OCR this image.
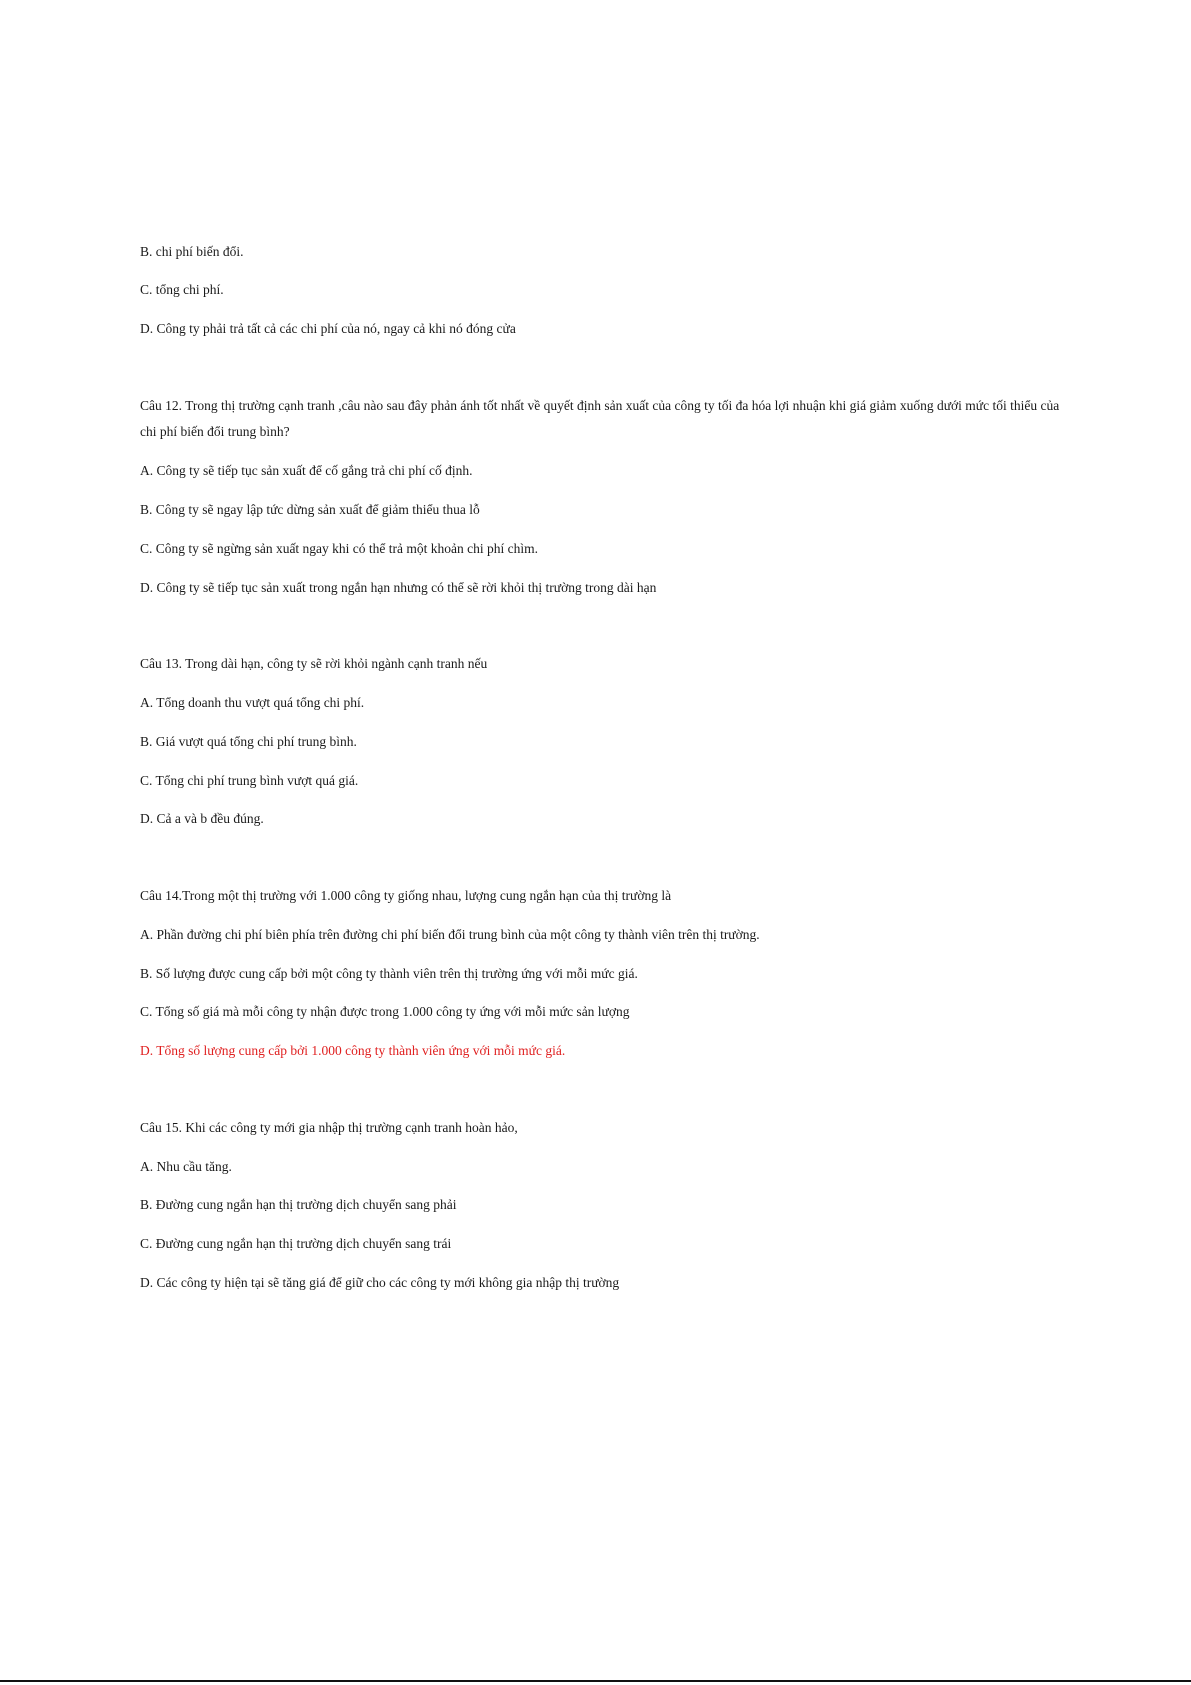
B. chi phí biến đổi.
C. tổng chi phí.
D. Công ty phải trả tất cả các chi phí của nó, ngay cả khi nó đóng cửa
Câu 12. Trong thị trường cạnh tranh ,câu nào sau đây phản ánh tốt nhất về quyết định sản xuất của công ty tối đa hóa lợi nhuận khi giá giảm xuống dưới mức tối thiểu của chi phí biến đổi trung bình?
A. Công ty sẽ tiếp tục sản xuất để cố gắng trả chi phí cố định.
B. Công ty sẽ ngay lập tức dừng sản xuất để giảm thiểu thua lỗ
C. Công ty sẽ ngừng sản xuất ngay khi có thể trả một khoản chi phí chìm.
D. Công ty sẽ tiếp tục sản xuất trong ngắn hạn nhưng có thể sẽ rời khỏi thị trường trong dài hạn
Câu 13. Trong dài hạn, công ty sẽ rời khỏi ngành cạnh tranh nếu
A. Tổng doanh thu vượt quá tổng chi phí.
B. Giá vượt quá tổng chi phí trung bình.
C. Tổng chi phí trung bình vượt quá giá.
D. Cả a và b đều đúng.
Câu 14.Trong một thị trường với 1.000 công ty giống nhau, lượng cung ngắn hạn của thị trường là
A. Phần đường chi phí biên phía trên đường chi phí biến đổi trung bình của một công ty thành viên trên thị trường.
B. Số lượng được cung cấp bởi một công ty thành viên trên thị trường ứng với mỗi mức giá.
C. Tổng số giá mà mỗi công ty nhận được trong 1.000 công ty ứng với mỗi mức sản lượng
D. Tổng số lượng cung cấp bởi 1.000 công ty thành viên ứng với mỗi mức giá.
Câu 15. Khi các công ty mới gia nhập thị trường cạnh tranh hoàn hảo,
A. Nhu cầu tăng.
B. Đường cung ngắn hạn thị trường dịch chuyển sang phải
C. Đường cung ngắn hạn thị trường dịch chuyển sang trái
D. Các công ty hiện tại sẽ tăng giá để giữ cho các công ty mới không gia nhập thị trường
